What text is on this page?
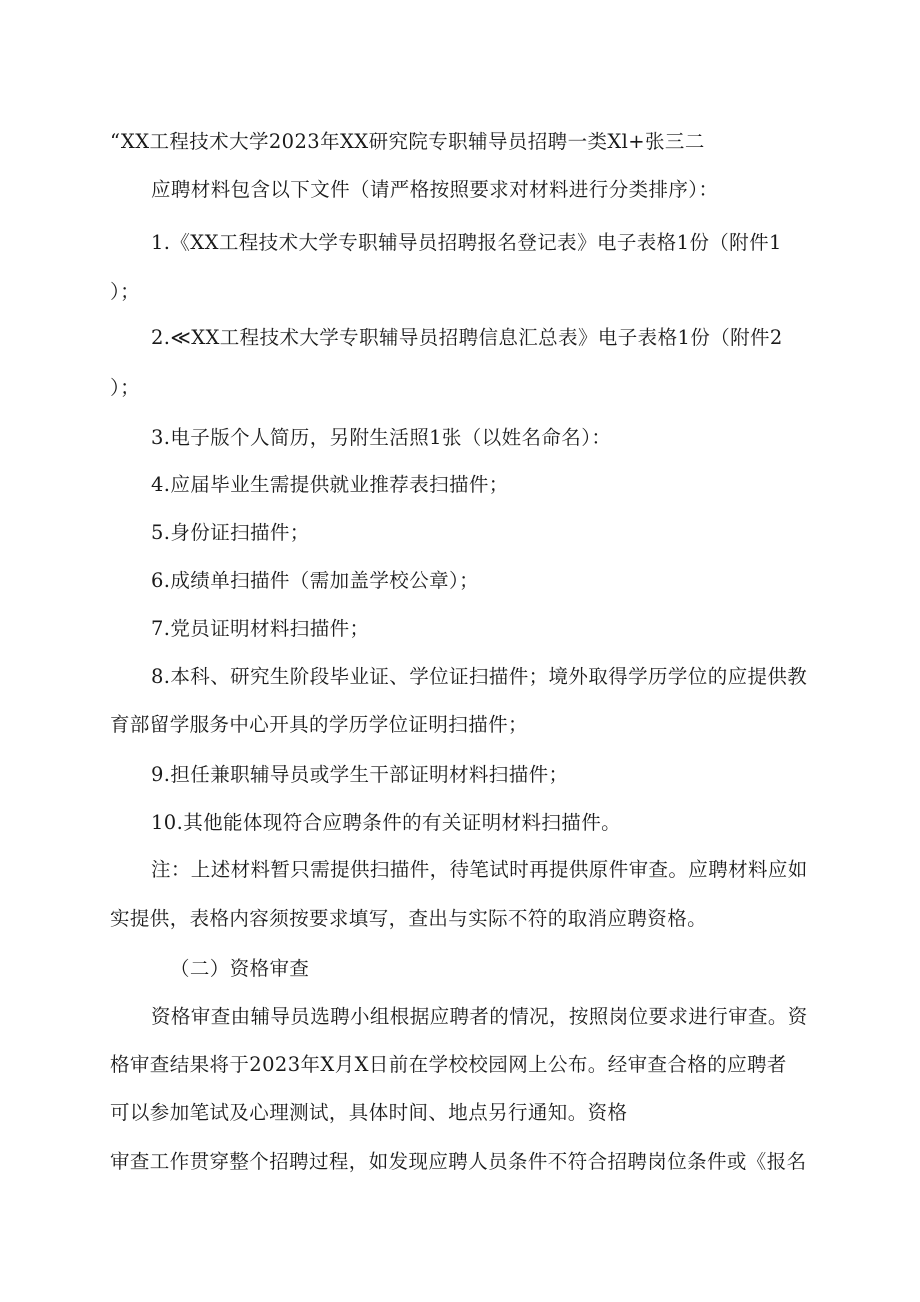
“XX工程技术大学2023年XX研究院专职辅导员招聘一类Xl+张三二
应聘材料包含以下文件（请严格按照要求对材料进行分类排序）：
1.《XX工程技术大学专职辅导员招聘报名登记表》电子表格1份（附件1
）；
2.≪XX工程技术大学专职辅导员招聘信息汇总表》电子表格1份（附件2
）；
3.电子版个人简历，另附生活照1张（以姓名命名）：
4.应届毕业生需提供就业推荐表扫描件；
5.身份证扫描件；
6.成绩单扫描件（需加盖学校公章）；
7.党员证明材料扫描件；
8.本科、研究生阶段毕业证、学位证扫描件；境外取得学历学位的应提供教
育部留学服务中心开具的学历学位证明扫描件；
9.担任兼职辅导员或学生干部证明材料扫描件；
10.其他能体现符合应聘条件的有关证明材料扫描件。
注：上述材料暂只需提供扫描件，待笔试时再提供原件审查。应聘材料应如
实提供，表格内容须按要求填写，查出与实际不符的取消应聘资格。
（二）资格审查
资格审查由辅导员选聘小组根据应聘者的情况，按照岗位要求进行审查。资
格审查结果将于2023年X月X日前在学校校园网上公布。经审查合格的应聘者
可以参加笔试及心理测试，具体时间、地点另行通知。资格
审查工作贯穿整个招聘过程，如发现应聘人员条件不符合招聘岗位条件或《报名
